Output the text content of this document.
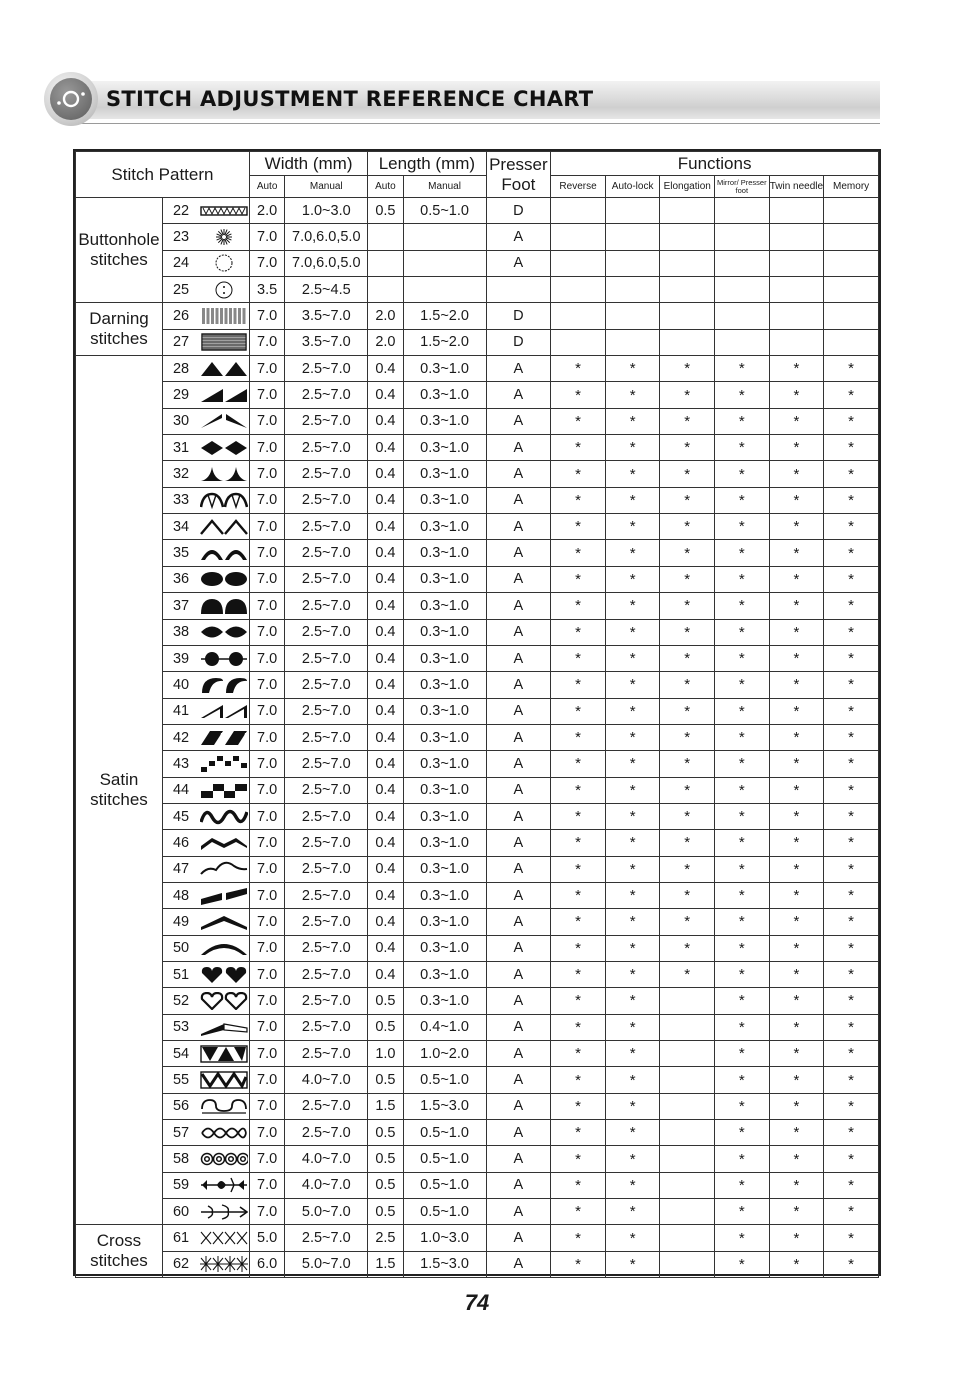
STITCH ADJUSTMENT REFERENCE CHART
Stitch Pattern			Width (mm)		Length (mm)		Presser
Foot	Functions					
			Auto	Manual	Auto	Manual		Reverse	Auto-lock	Elongation	Mirror/ Presser foot	Twin needle	Memory
Buttonhole stitches	22		2.0	1.0~3.0	0.5	0.5~1.0	D						
	23		7.0	7.0,6.0,5.0			A						
	24		7.0	7.0,6.0,5.0			A						
	25		3.5	2.5~4.5									
Darning stitches	26		7.0	3.5~7.0	2.0	1.5~2.0	D						
	27		7.0	3.5~7.0	2.0	1.5~2.0	D						
Satin stitches	28		7.0	2.5~7.0	0.4	0.3~1.0	A	*	*	*	*	*	*
	29		7.0	2.5~7.0	0.4	0.3~1.0	A	*	*	*	*	*	*
	30		7.0	2.5~7.0	0.4	0.3~1.0	A	*	*	*	*	*	*
	31		7.0	2.5~7.0	0.4	0.3~1.0	A	*	*	*	*	*	*
	32		7.0	2.5~7.0	0.4	0.3~1.0	A	*	*	*	*	*	*
	33		7.0	2.5~7.0	0.4	0.3~1.0	A	*	*	*	*	*	*
	34		7.0	2.5~7.0	0.4	0.3~1.0	A	*	*	*	*	*	*
	35		7.0	2.5~7.0	0.4	0.3~1.0	A	*	*	*	*	*	*
	36		7.0	2.5~7.0	0.4	0.3~1.0	A	*	*	*	*	*	*
	37		7.0	2.5~7.0	0.4	0.3~1.0	A	*	*	*	*	*	*
	38		7.0	2.5~7.0	0.4	0.3~1.0	A	*	*	*	*	*	*
	39		7.0	2.5~7.0	0.4	0.3~1.0	A	*	*	*	*	*	*
	40		7.0	2.5~7.0	0.4	0.3~1.0	A	*	*	*	*	*	*
	41		7.0	2.5~7.0	0.4	0.3~1.0	A	*	*	*	*	*	*
	42		7.0	2.5~7.0	0.4	0.3~1.0	A	*	*	*	*	*	*
	43		7.0	2.5~7.0	0.4	0.3~1.0	A	*	*	*	*	*	*
	44		7.0	2.5~7.0	0.4	0.3~1.0	A	*	*	*	*	*	*
	45		7.0	2.5~7.0	0.4	0.3~1.0	A	*	*	*	*	*	*
	46		7.0	2.5~7.0	0.4	0.3~1.0	A	*	*	*	*	*	*
	47		7.0	2.5~7.0	0.4	0.3~1.0	A	*	*	*	*	*	*
	48		7.0	2.5~7.0	0.4	0.3~1.0	A	*	*	*	*	*	*
	49		7.0	2.5~7.0	0.4	0.3~1.0	A	*	*	*	*	*	*
	50		7.0	2.5~7.0	0.4	0.3~1.0	A	*	*	*	*	*	*
	51		7.0	2.5~7.0	0.4	0.3~1.0	A	*	*	*	*	*	*
	52		7.0	2.5~7.0	0.5	0.3~1.0	A	*	*		*	*	*
	53		7.0	2.5~7.0	0.5	0.4~1.0	A	*	*		*	*	*
	54		7.0	2.5~7.0	1.0	1.0~2.0	A	*	*		*	*	*
	55		7.0	4.0~7.0	0.5	0.5~1.0	A	*	*		*	*	*
	56		7.0	2.5~7.0	1.5	1.5~3.0	A	*	*		*	*	*
	57		7.0	2.5~7.0	0.5	0.5~1.0	A	*	*		*	*	*
	58		7.0	4.0~7.0	0.5	0.5~1.0	A	*	*		*	*	*
	59		7.0	4.0~7.0	0.5	0.5~1.0	A	*	*		*	*	*
	60		7.0	5.0~7.0	0.5	0.5~1.0	A	*	*		*	*	*
Cross stitches	61		5.0	2.5~7.0	2.5	1.0~3.0	A	*	*		*	*	*
	62		6.0	5.0~7.0	1.5	1.5~3.0	A	*	*		*	*	*
74
